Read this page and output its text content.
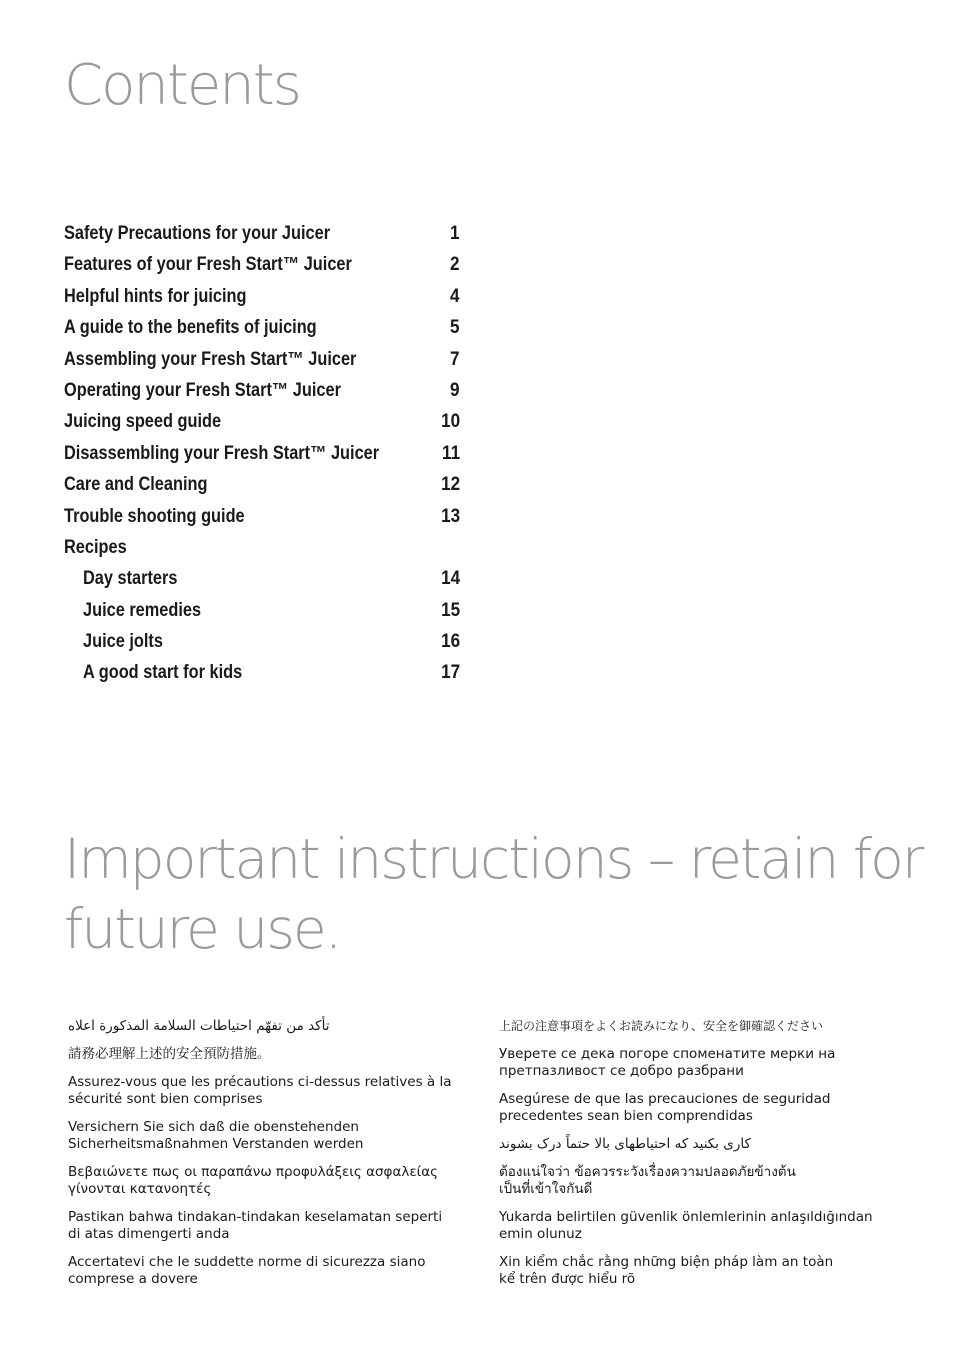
Contents
Safety Precautions for your Juicer	1
Features of your Fresh Start™ Juicer	2
Helpful hints for juicing	4
A guide to the benefits of juicing	5
Assembling your Fresh Start™ Juicer	7
Operating your Fresh Start™ Juicer	9
Juicing speed guide	10
Disassembling your Fresh Start™ Juicer	11
Care and Cleaning	12
Trouble shooting guide	13
Recipes
Day starters	14
Juice remedies	15
Juice jolts	16
A good start for kids	17
Important instructions – retain for future use.

تأكد من تفهّم احتياطات السلامة المذكورة اعلاه

請務必理解上述的安全預防措施。

Assurez-vous que les précautions ci-dessus relatives à la
sécurité sont bien comprises

Versichern Sie sich daß die obenstehenden
Sicherheitsmaßnahmen Verstanden werden

Βεβαιώνετε πως οι παραπάνω προφυλάξεις ασφαλείας
γίνονται κατανοητές

Pastikan bahwa tindakan-tindakan keselamatan seperti
di atas dimengerti anda

Accertatevi che le suddette norme di sicurezza siano
comprese a dovere

上記の注意事項をよくお読みになり、安全を御確認ください

Уверете се дека погоре споменатите мерки на
претпазливост се добро разбрани

Asegúrese de que las precauciones de seguridad
precedentes sean bien comprendidas

کاری بکنید که احتیاطهای بالا حتماً درک بشوند

ต้องแน่ใจว่า ข้อควรระวังเรื่องความปลอดภัยข้างต้น
เป็นที่เข้าใจกันดี

Yukarda belirtilen güvenlik önlemlerinin anlaşıldığından
emin olunuz

Xin kiểm chắc rằng những biện pháp làm an toàn
kể trên được hiểu rõ
